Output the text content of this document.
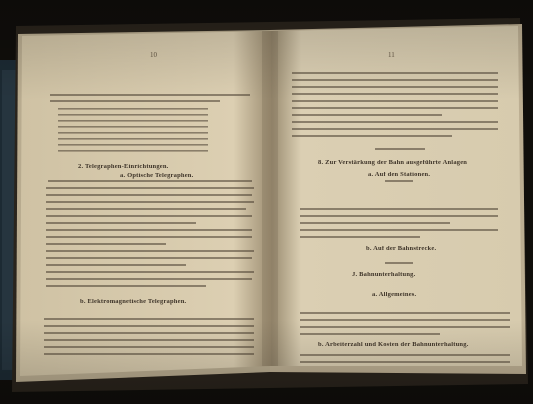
10
2. Telegraphen-Einrichtungen.
a. Optische Telegraphen.
b. Elektromagnetische Telegraphen.
11
8. Zur Verstärkung der Bahn ausgeführte Anlagen
a. Auf den Stationen.
b. Auf der Bahnstrecke.
J. Bahnunterhaltung.
a. Allgemeines.
b. Arbeiterzahl und Kosten der Bahnunterhaltung.
